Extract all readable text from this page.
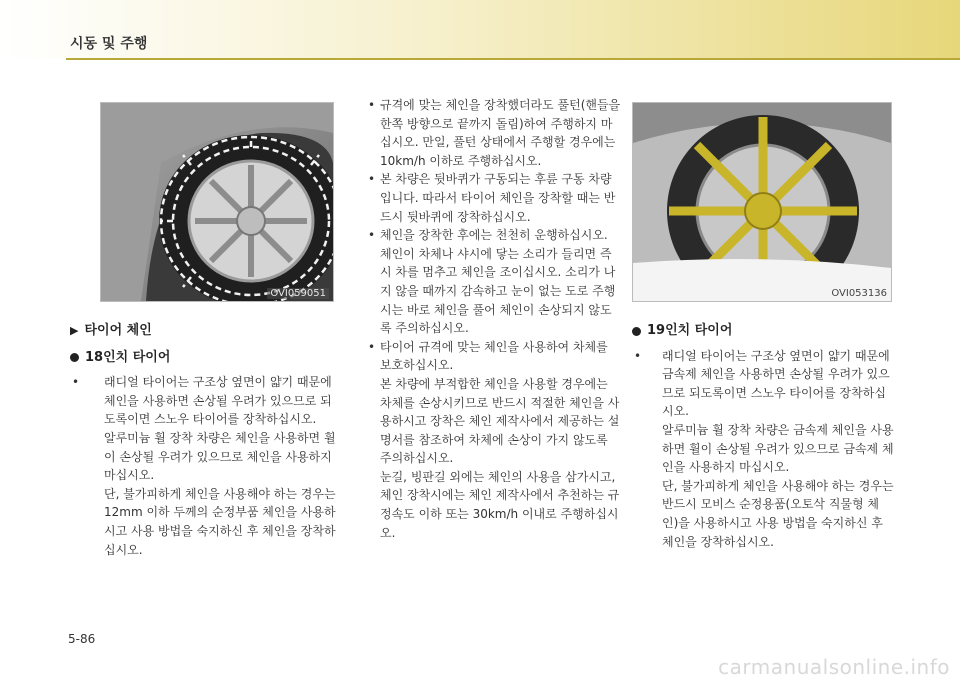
시동 및 주행
OVI059051	OVI053136

▶ 타이어 체인

18인치 타이어

• 래디얼 타이어는 구조상 옆면이 얇기 때문에 체인을 사용하면 손상될 우려가 있으므로 되도록이면 스노우 타이어를 장착하십시오.

알루미늄 휠 장착 차량은 체인을 사용하면 휠이 손상될 우려가 있으므로 체인을 사용하지 마십시오.

단, 불가피하게 체인을 사용해야 하는 경우는 12mm 이하 두께의 순정부품 체인을 사용하시고 사용 방법을 숙지하신 후 체인을 장착하십시오.

• 규격에 맞는 체인을 장착했더라도 풀턴(핸들을 한쪽 방향으로 끝까지 돌림)하여 주행하지 마십시오. 만일, 풀턴 상태에서 주행할 경우에는 10km/h 이하로 주행하십시오.

• 본 차량은 뒷바퀴가 구동되는 후륜 구동 차량입니다. 따라서 타이어 체인을 장착할 때는 반드시 뒷바퀴에 장착하십시오.

• 체인을 장착한 후에는 천천히 운행하십시오. 체인이 차체나 샤시에 닿는 소리가 들리면 즉시 차를 멈추고 체인을 조이십시오. 소리가 나지 않을 때까지 감속하고 눈이 없는 도로 주행시는 바로 체인을 풀어 체인이 손상되지 않도록 주의하십시오.

• 타이어 규격에 맞는 체인을 사용하여 차체를 보호하십시오.

본 차량에 부적합한 체인을 사용할 경우에는 차체를 손상시키므로 반드시 적절한 체인을 사용하시고 장착은 체인 제작사에서 제공하는 설명서를 참조하여 차체에 손상이 가지 않도록 주의하십시오.

눈길, 빙판길 외에는 체인의 사용을 삼가시고, 체인 장착시에는 체인 제작사에서 추천하는 규정속도 이하 또는 30km/h 이내로 주행하십시오.

19인치 타이어

• 래디얼 타이어는 구조상 옆면이 얇기 때문에 금속제 체인을 사용하면 손상될 우려가 있으므로 되도록이면 스노우 타이어를 장착하십시오.

알루미늄 휠 장착 차량은 금속제 체인을 사용하면 휠이 손상될 우려가 있으므로 금속제 체인을 사용하지 마십시오.

단, 불가피하게 체인을 사용해야 하는 경우는 반드시 모비스 순정용품(오토삭 직물형 체인)을 사용하시고 사용 방법을 숙지하신 후 체인을 장착하십시오.

5-86
carmanualsonline.info
